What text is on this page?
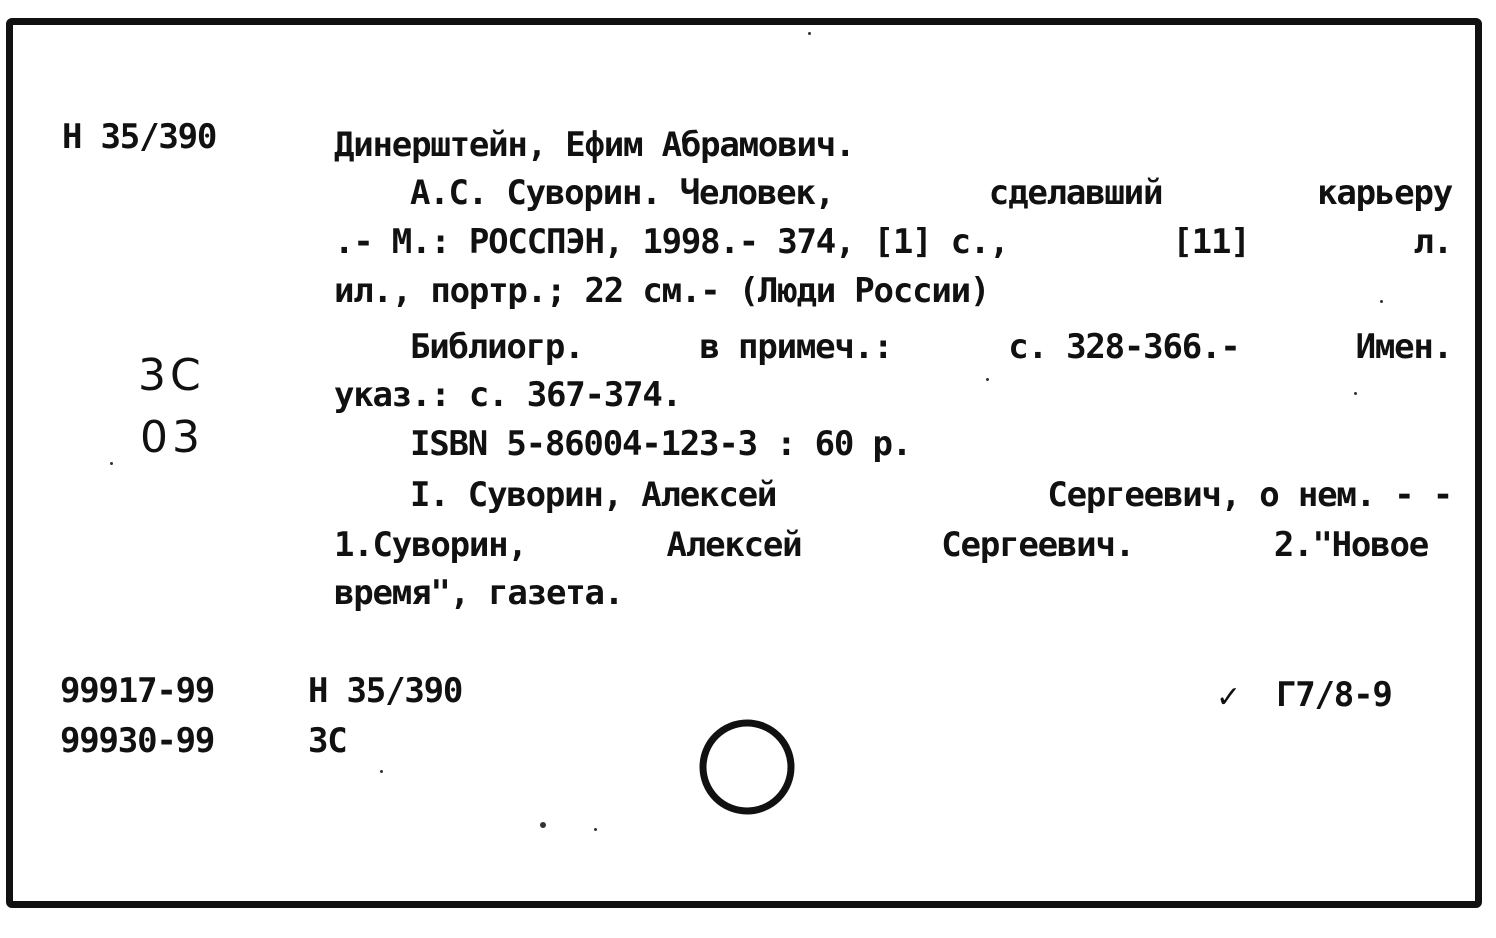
Н 35/390	Динерштейн, Ефим Абрамович.
А.С. Суворин. Человек,	сделавший	карьеру
.- М.: РОССПЭН, 1998.- 374, [1] с.,	[11]	л.
ил., портр.; 22 см.- (Люди России)
Библиогр.	в примеч.:	с. 328-366.-	Имен.
указ.: с. 367-374.
ISBN 5-86004-123-3 : 60 р.
I. Суворин, Алексей	Сергеевич, о нем. - -
1.Суворин,	Алексей	Сергеевич.	2."Новое
время", газета.
3С
03
99917-99	Н 35/390
99930-99	3С
✓ Г7/8-9
